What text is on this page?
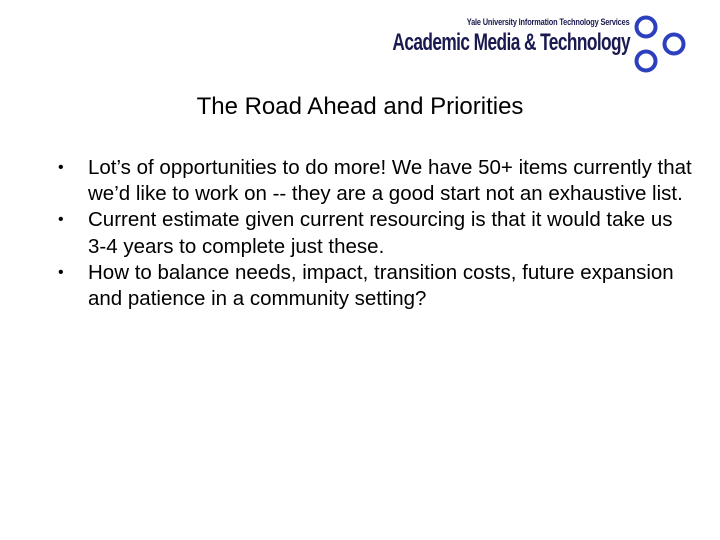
Yale University Information Technology Services
Academic Media & Technology
The Road Ahead and Priorities
• Lot’s of opportunities to do more! We have 50+ items currently that we’d like to work on -- they are a good start not an exhaustive list.
• Current estimate given current resourcing is that it would take us 3-4 years to complete just these.
• How to balance needs, impact, transition costs, future expansion and patience in a community setting?
